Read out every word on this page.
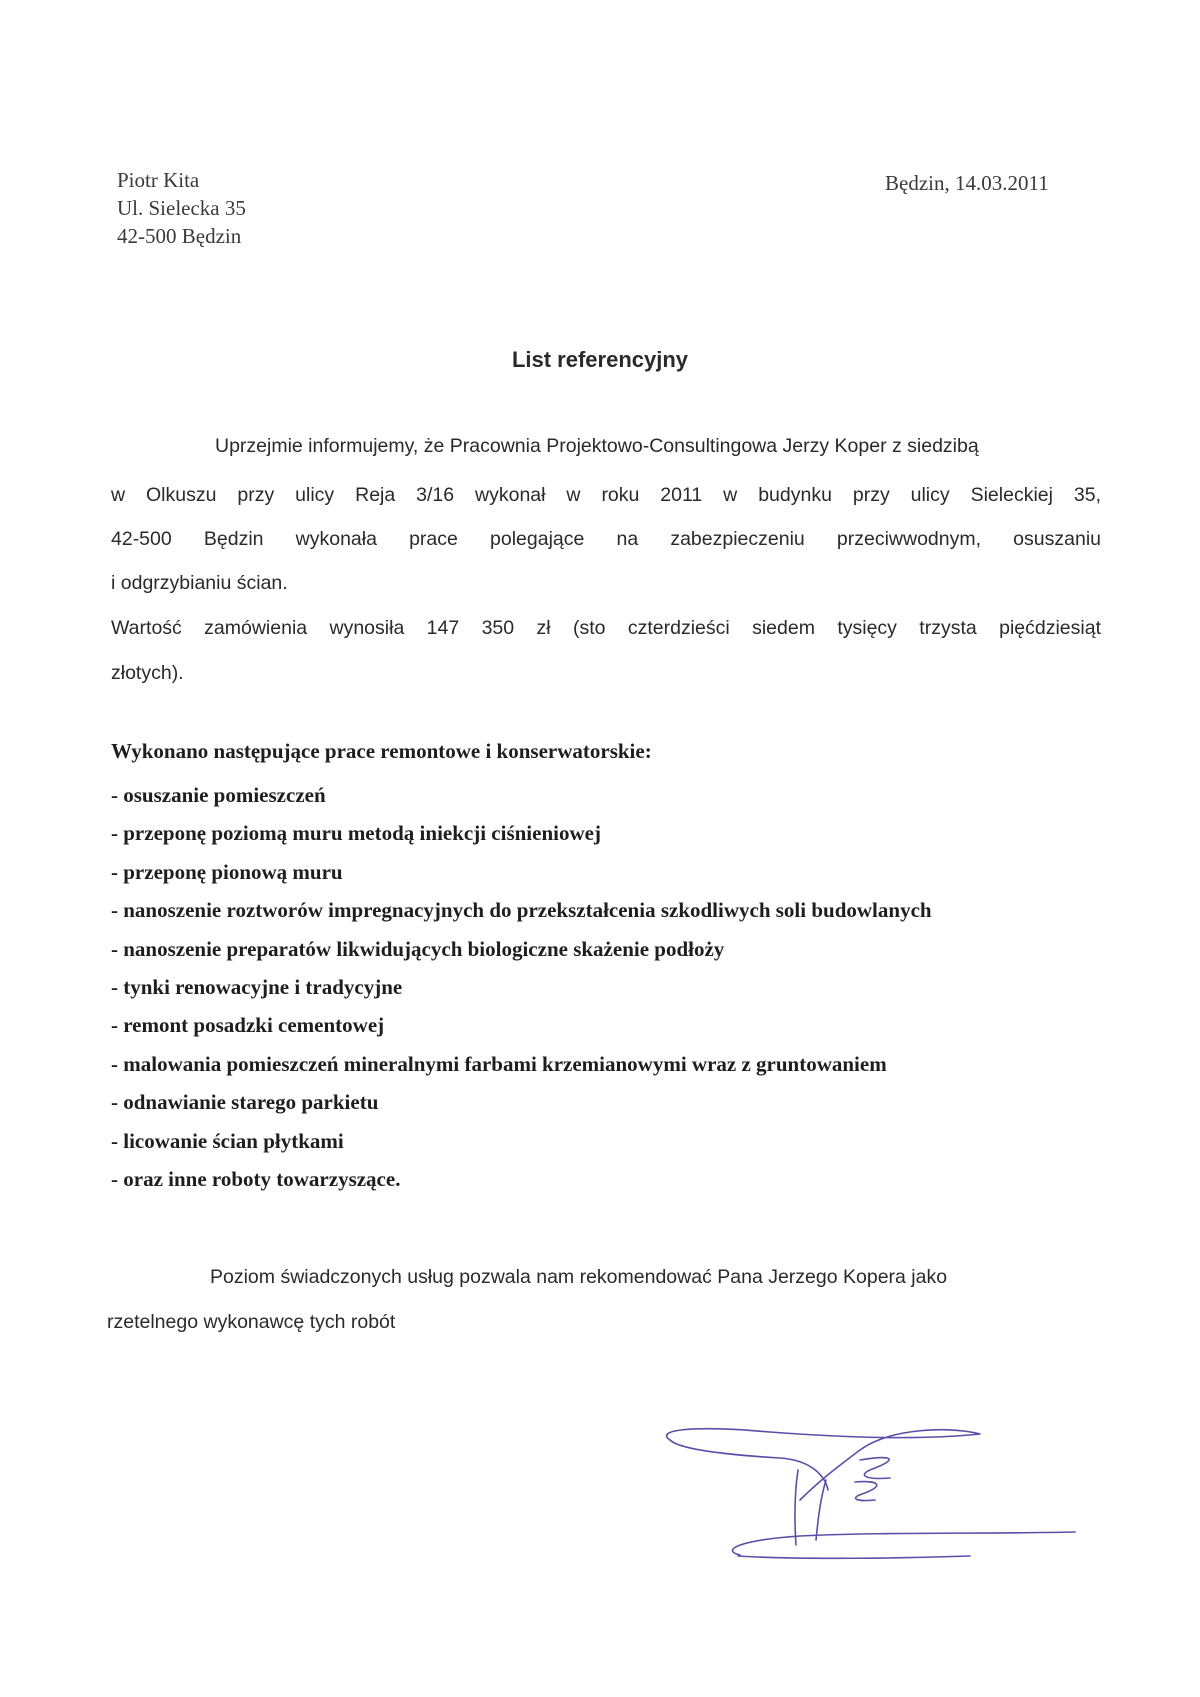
Piotr Kita
Ul. Sielecka 35
42-500 Będzin
Będzin, 14.03.2011
List referencyjny
Uprzejmie informujemy, że Pracownia Projektowo-Consultingowa Jerzy Koper z siedzibą
w Olkuszu przy ulicy Reja 3/16 wykonał w roku 2011 w budynku przy ulicy Sieleckiej 35,
42-500 Będzin wykonała prace polegające na zabezpieczeniu przeciwwodnym, osuszaniu
i odgrzybianiu ścian.
Wartość zamówienia wynosiła 147 350 zł (sto czterdzieści siedem tysięcy trzysta pięćdziesiąt
złotych).
Wykonano następujące prace remontowe i konserwatorskie:
- osuszanie pomieszczeń
- przeponę poziomą muru metodą iniekcji ciśnieniowej
- przeponę pionową muru
- nanoszenie roztworów impregnacyjnych do przekształcenia szkodliwych soli budowlanych
- nanoszenie preparatów likwidujących biologiczne skażenie podłoży
- tynki renowacyjne i tradycyjne
- remont posadzki cementowej
- malowania pomieszczeń mineralnymi farbami krzemianowymi wraz z gruntowaniem
- odnawianie starego parkietu
- licowanie ścian płytkami
- oraz inne roboty towarzyszące.
Poziom świadczonych usług pozwala nam rekomendować Pana Jerzego Kopera jako
rzetelnego wykonawcę tych robót
